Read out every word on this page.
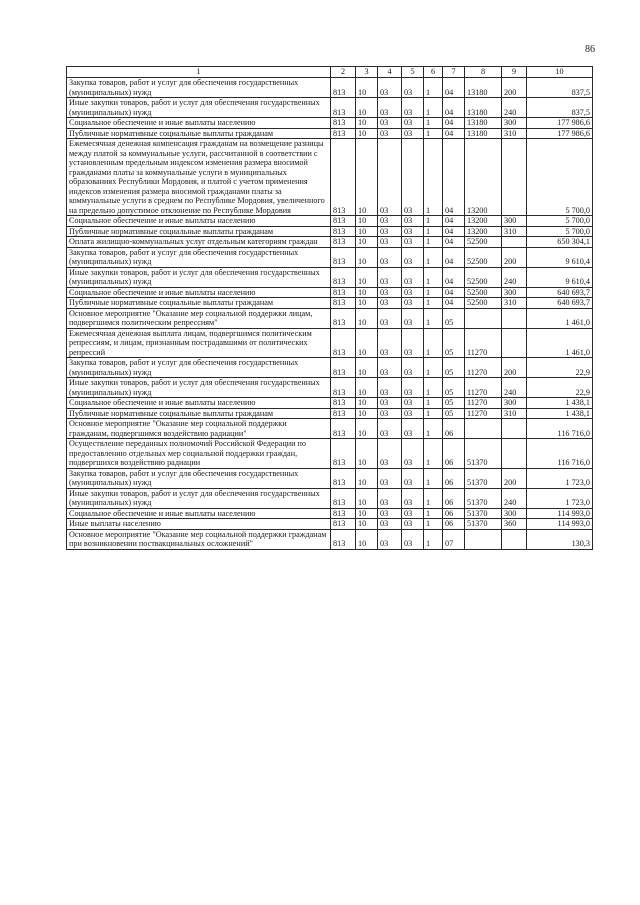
86
1	2	3	4	5	6	7	8	9	10
Закупка товаров, работ и услуг для обеспечения государственных (муниципальных) нужд	813	10	03	03	1	04	13180	200	837,5
Иные закупки товаров, работ и услуг для обеспечения государственных (муниципальных) нужд	813	10	03	03	1	04	13180	240	837,5
Социальное обеспечение и иные выплаты населению	813	10	03	03	1	04	13180	300	177 986,6
Публичные нормативные социальные выплаты гражданам	813	10	03	03	1	04	13180	310	177 986,6
Ежемесячная денежная компенсация гражданам на возмещение разницы между платой за коммунальные услуги, рассчитанной в соответствии с установленным предельным индексом изменения размера вносимой гражданами платы за коммунальные услуги в муниципальных образованиях Республики Мордовия, и платой с учетом применения индексов изменения размера вносимой гражданами платы за коммунальные услуги в среднем по Республике Мордовия, увеличенного на предельно допустимое отклонение по Республике Мордовия	813	10	03	03	1	04	13200		5 700,0
Социальное обеспечение и иные выплаты населению	813	10	03	03	1	04	13200	300	5 700,0
Публичные нормативные социальные выплаты гражданам	813	10	03	03	1	04	13200	310	5 700,0
Оплата жилищно-коммунальных услуг отдельным категориям граждан	813	10	03	03	1	04	52500		650 304,1
Закупка товаров, работ и услуг для обеспечения государственных (муниципальных) нужд	813	10	03	03	1	04	52500	200	9 610,4
Иные закупки товаров, работ и услуг для обеспечения государственных (муниципальных) нужд	813	10	03	03	1	04	52500	240	9 610,4
Социальное обеспечение и иные выплаты населению	813	10	03	03	1	04	52500	300	640 693,7
Публичные нормативные социальные выплаты гражданам	813	10	03	03	1	04	52500	310	640 693,7
Основное мероприятие "Оказание мер социальной поддержки лицам, подвергшимся политическим репрессиям"	813	10	03	03	1	05			1 461,0
Ежемесячная денежная выплата лицам, подвергшимся политическим репрессиям, и лицам, признанным пострадавшими от политических репрессий	813	10	03	03	1	05	11270		1 461,0
Закупка товаров, работ и услуг для обеспечения государственных (муниципальных) нужд	813	10	03	03	1	05	11270	200	22,9
Иные закупки товаров, работ и услуг для обеспечения государственных (муниципальных) нужд	813	10	03	03	1	05	11270	240	22,9
Социальное обеспечение и иные выплаты населению	813	10	03	03	1	05	11270	300	1 438,1
Публичные нормативные социальные выплаты гражданам	813	10	03	03	1	05	11270	310	1 438,1
Основное мероприятие "Оказание мер социальной поддержки гражданам, подвергшимся воздействию радиации"	813	10	03	03	1	06			116 716,0
Осуществление переданных полномочий Российской Федерации по предоставлению отдельных мер социальной поддержки граждан, подвергшихся воздействию радиации	813	10	03	03	1	06	51370		116 716,0
Закупка товаров, работ и услуг для обеспечения государственных (муниципальных) нужд	813	10	03	03	1	06	51370	200	1 723,0
Иные закупки товаров, работ и услуг для обеспечения государственных (муниципальных) нужд	813	10	03	03	1	06	51370	240	1 723,0
Социальное обеспечение и иные выплаты населению	813	10	03	03	1	06	51370	300	114 993,0
Иные выплаты населению	813	10	03	03	1	06	51370	360	114 993,0
Основное мероприятие "Оказание мер социальной поддержки гражданам при возникновении поствакцинальных осложнений"	813	10	03	03	1	07			130,3
